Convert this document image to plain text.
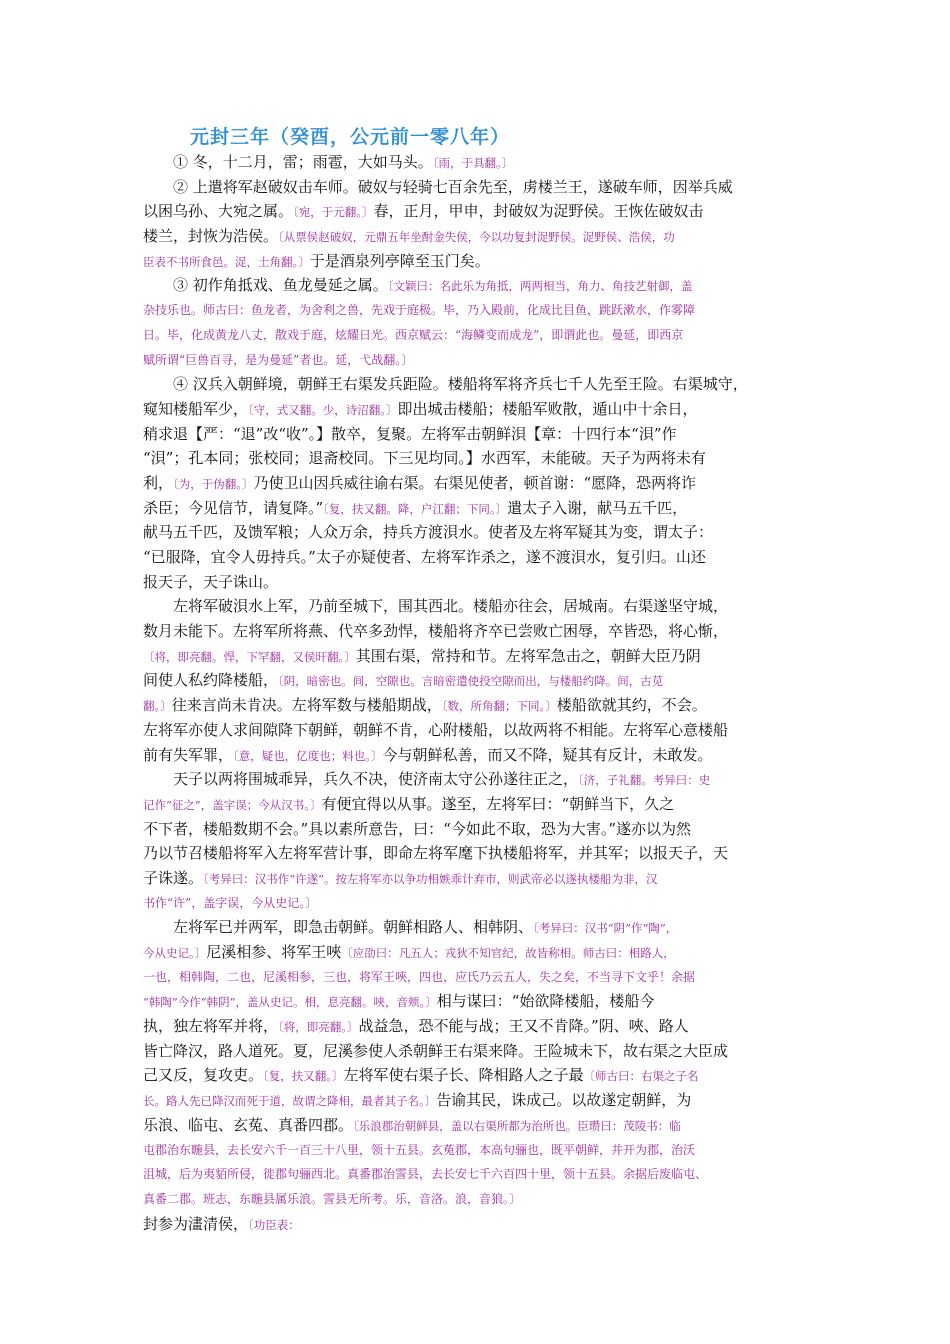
元封三年（癸酉，公元前一零八年）
① 冬，十二月，雷；雨雹，大如马头。〔雨，于具翻。〕
② 上遣将军赵破奴击车师。破奴与轻骑七百余先至，虏楼兰王，遂破车师，因举兵威
以困乌孙、大宛之属。〔宛，于元翻。〕春，正月，甲申，封破奴为浞野侯。王恢佐破奴击
楼兰，封恢为浩侯。〔从票侯赵破奴，元鼎五年坐酎金失侯，今以功复封浞野侯。浞野侯、浩侯，功
臣表不书所食邑。浞，土角翻。〕于是酒泉列亭障至玉门矣。
③ 初作角抵戏、鱼龙曼延之属。〔文颖曰：名此乐为角抵，两两相当，角力、角技艺射御，盖
杂技乐也。师古曰：鱼龙者，为舍利之兽，先戏于庭极。毕，乃入殿前，化成比目鱼，跳跃漱水，作雾障
日。毕，化成黄龙八丈，散戏于庭，炫耀日光。西京赋云：“海鳞变而成龙”，即谓此也。曼延，即西京
赋所谓“巨兽百寻，是为曼延”者也。延，弋战翻。〕
④ 汉兵入朝鲜境，朝鲜王右渠发兵距险。楼船将军将齐兵七千人先至王险。右渠城守，
窥知楼船军少，〔守，式又翻。少，诗沼翻。〕即出城击楼船；楼船军败散，遁山中十余日，
稍求退【严：“退”改“收”。】散卒，复聚。左将军击朝鲜浿【章：十四行本“浿”作
“浿”；孔本同；张校同；退斋校同。下三见均同。】水西军，未能破。天子为两将未有
利，〔为，于伪翻。〕乃使卫山因兵威往谕右渠。右渠见使者，顿首谢：“愿降，恐两将诈
杀臣；今见信节，请复降。”〔复，扶又翻。降，户江翻；下同。〕遣太子入谢，献马五千匹，
献马五千匹，及馈军粮；人众万余，持兵方渡浿水。使者及左将军疑其为变，谓太子：
“已服降，宜令人毋持兵。”太子亦疑使者、左将军诈杀之，遂不渡浿水，复引归。山还
报天子，天子诛山。
左将军破浿水上军，乃前至城下，围其西北。楼船亦往会，居城南。右渠遂坚守城，
数月未能下。左将军所将燕、代卒多劲悍，楼船将齐卒已尝败亡困辱，卒皆恐，将心惭，
〔将，即亮翻。悍，下罕翻，又侯旰翻。〕其围右渠，常持和节。左将军急击之，朝鲜大臣乃阴
间使人私约降楼船，〔阴，暗密也。间，空隙也。言暗密遣使投空隙而出，与楼船约降。间，古苋
翻。〕往来言尚未肯决。左将军数与楼船期战，〔数，所角翻；下同。〕楼船欲就其约，不会。
左将军亦使人求间隙降下朝鲜，朝鲜不肯，心附楼船，以故两将不相能。左将军心意楼船
前有失军罪，〔意，疑也，亿度也；料也。〕今与朝鲜私善，而又不降，疑其有反计，未敢发。
天子以两将围城乖异，兵久不决，使济南太守公孙遂往正之，〔济，子礼翻。考异曰：史
记作“征之”，盖字误；今从汉书。〕有便宜得以从事。遂至，左将军曰：“朝鲜当下，久之
不下者，楼船数期不会。”具以素所意告，曰：“今如此不取，恐为大害。”遂亦以为然
乃以节召楼船将军入左将军营计事，即命左将军麾下执楼船将军，并其军；以报天子，天
子诛遂。〔考异曰：汉书作“许遂”。按左将军亦以争功相嫉乖计弃市，则武帝必以遂执楼船为非，汉
书作“许”，盖字误，今从史记。〕
左将军已并两军，即急击朝鲜。朝鲜相路人、相韩阴、〔考异曰：汉书“阴”作“陶”，
今从史记。〕尼溪相参、将军王唊〔应劭曰：凡五人；戎狄不知官纪，故皆称相。师古曰：相路人，
一也，相韩陶，二也，尼溪相参，三也，将军王唊，四也，应氏乃云五人，失之矣，不当寻下文乎！余据
“韩陶”今作“韩阴”，盖从史记。相，息亮翻。唊，音颊。〕相与谋曰：“始欲降楼船，楼船今
执，独左将军并将，〔将，即亮翻。〕战益急，恐不能与战；王又不肯降。”阴、唊、路人
皆亡降汉，路人道死。夏，尼溪参使人杀朝鲜王右渠来降。王险城未下，故右渠之大臣成
己又反，复攻吏。〔复，扶又翻。〕左将军使右渠子长、降相路人之子最〔师古曰：右渠之子名
长。路人先已降汉而死于道，故谓之降相，最者其子名。〕告谕其民，诛成己。以故遂定朝鲜，为
乐浪、临屯、玄菟、真番四郡。〔乐浪郡治朝鲜县，盖以右渠所都为治所也。臣瓒曰：茂陵书：临
屯郡治东暆县，去长安六千一百三十八里，领十五县。玄菟郡，本高句骊也，既平朝鲜，并开为郡，治沃
沮城，后为夷貊所侵，徙郡句骊西北。真番郡治霅县，去长安七千六百四十里，领十五县。余据后废临屯、
真番二郡。班志，东暆县属乐浪。霅县无所考。乐，音洛。浪，音狼。〕
封参为澅清侯，〔功臣表：
